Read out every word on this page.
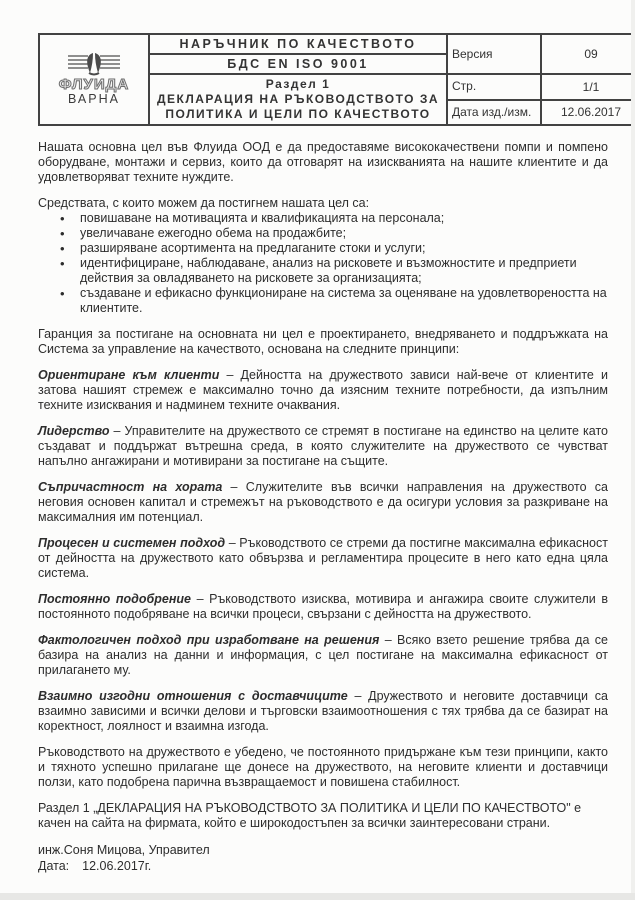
ФЛУИДА
ВАРНА	НАРЪЧНИК ПО КАЧЕСТВОТО	Версия	09
	БДС EN ISO 9001		

	Раздел 1
ДЕКЛАРАЦИЯ НА РЪКОВОДСТВОТО ЗА ПОЛИТИКА И ЦЕЛИ ПО КАЧЕСТВОТО	Стр.	1/1
		Дата изд./изм.	12.06.2017

Нашата основна цел във Флуида ООД е да предоставяме висококачествени помпи и помпено оборудване, монтажи и сервиз, които да отговарят на изискванията на нашите клиентите и да удовлетворяват техните нуждите.

Средствата, с които можем да постигнем нашата цел са:

• повишаване на мотивацията и квалификацията на персонала;
• увеличаване ежегодно обема на продажбите;
• разширяване асортимента на предлаганите стоки и услуги;
• идентифициране, наблюдаване, анализ на рисковете и възможностите и предприети действия за овладяването на рисковете за организацията;
• създаване и ефикасно функциониране на система за оценяване на удовлетвореността на клиентите.

Гаранция за постигане на основната ни цел е проектирането, внедряването и поддръжката на Система за управление на качеството, основана на следните принципи:

Ориентиране към клиенти – Дейността на дружеството зависи най-вече от клиентите и затова нашият стремеж е максимално точно да изясним техните потребности, да изпълним техните изисквания и надминем техните очаквания.

Лидерство – Управителите на дружеството се стремят в постигане на единство на целите като създават и поддържат вътрешна среда, в която служителите на дружеството се чувстват напълно ангажирани и мотивирани за постигане на същите.

Съпричастност на хората – Служителите във всички направления на дружеството са неговия основен капитал и стремежът на ръководството е да осигури условия за разкриване на максималния им потенциал.

Процесен и системен подход – Ръководството се стреми да постигне максимална ефикасност от дейността на дружеството като обвързва и регламентира процесите в него като една цяла система.

Постоянно подобрение – Ръководството изисква, мотивира и ангажира своите служители в постоянното подобряване на всички процеси, свързани с дейността на дружеството.

Фактологичен подход при изработване на решения – Всяко взето решение трябва да се базира на анализ на данни и информация, с цел постигане на максимална ефикасност от прилагането му.

Взаимно изгодни отношения с доставчиците – Дружеството и неговите доставчици са взаимно зависими и всички делови и търговски взаимоотношения с тях трябва да се базират на коректност, лоялност и взаимна изгода.

Ръководството на дружеството е убедено, че постоянното придържане към тези принципи, както и тяхното успешно прилагане ще донесе на дружеството, на неговите клиенти и доставчици ползи, като подобрена парична възвращаемост и повишена стабилност.

Раздел 1 „ДЕКЛАРАЦИЯ НА РЪКОВОДСТВОТО ЗА ПОЛИТИКА И ЦЕЛИ ПО КАЧЕСТВОТО" е качен на сайта на фирмата, който е широкодостъпен за всички заинтересовани страни.

инж.Соня Мицова, Управител
Дата: 12.06.2017г.
